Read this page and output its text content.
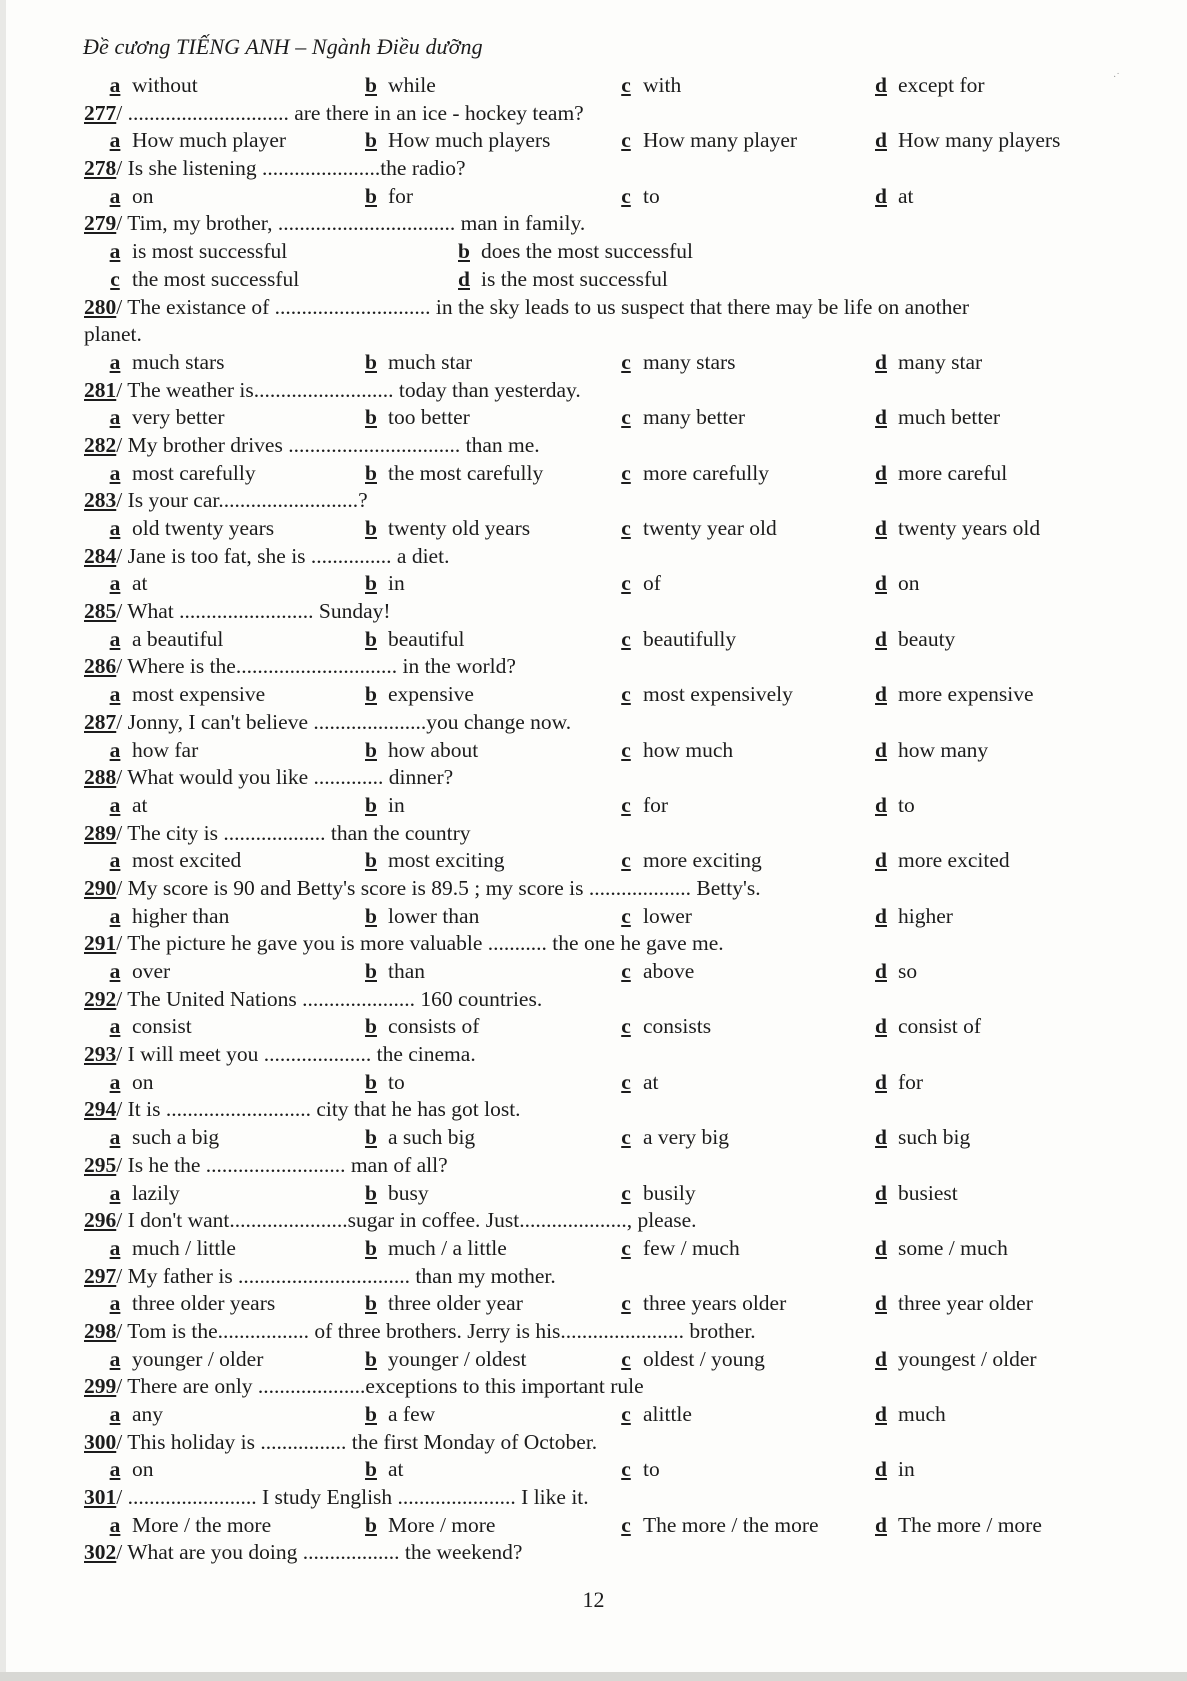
Đề cương TIẾNG ANH – Ngành Điều dưỡng
·˙
a without	b while	c with	d except for
277/ .............................. are there in an ice - hockey team?
a How much player	b How much players	c How many player	d How many players
278/ Is she listening ......................the radio?
a on	b for	c to	d at
279/ Tim, my brother, ................................. man in family.
a is most successful	b does the most successful
c the most successful	d is the most successful
280/ The existance of ............................. in the sky leads to us suspect that there may be life on another
planet.
a much stars	b much star	c many stars	d many star
281/ The weather is.......................... today than yesterday.
a very better	b too better	c many better	d much better
282/ My brother drives ................................ than me.
a most carefully	b the most carefully	c more carefully	d more careful
283/ Is your car..........................?
a old twenty years	b twenty old years	c twenty year old	d twenty years old
284/ Jane is too fat, she is ............... a diet.
a at	b in	c of	d on
285/ What ......................... Sunday!
a a beautiful	b beautiful	c beautifully	d beauty
286/ Where is the.............................. in the world?
a most expensive	b expensive	c most expensively	d more expensive
287/ Jonny, I can't believe .....................you change now.
a how far	b how about	c how much	d how many
288/ What would you like ............. dinner?
a at	b in	c for	d to
289/ The city is ................... than the country
a most excited	b most exciting	c more exciting	d more excited
290/ My score is 90 and Betty's score is 89.5 ; my score is ................... Betty's.
a higher than	b lower than	c lower	d higher
291/ The picture he gave you is more valuable ........... the one he gave me.
a over	b than	c above	d so
292/ The United Nations ..................... 160 countries.
a consist	b consists of	c consists	d consist of
293/ I will meet you .................... the cinema.
a on	b to	c at	d for
294/ It is ........................... city that he has got lost.
a such a big	b a such big	c a very big	d such big
295/ Is he the .......................... man of all?
a lazily	b busy	c busily	d busiest
296/ I don't want......................sugar in coffee. Just...................., please.
a much / little	b much / a little	c few / much	d some / much
297/ My father is ................................ than my mother.
a three older years	b three older year	c three years older	d three year older
298/ Tom is the................. of three brothers. Jerry is his....................... brother.
a younger / older	b younger / oldest	c oldest / young	d youngest / older
299/ There are only ....................exceptions to this important rule
a any	b a few	c alittle	d much
300/ This holiday is ................ the first Monday of October.
a on	b at	c to	d in
301/ ........................ I study English ...................... I like it.
a More / the more	b More / more	c The more / the more	d The more / more
302/ What are you doing .................. the weekend?
12
